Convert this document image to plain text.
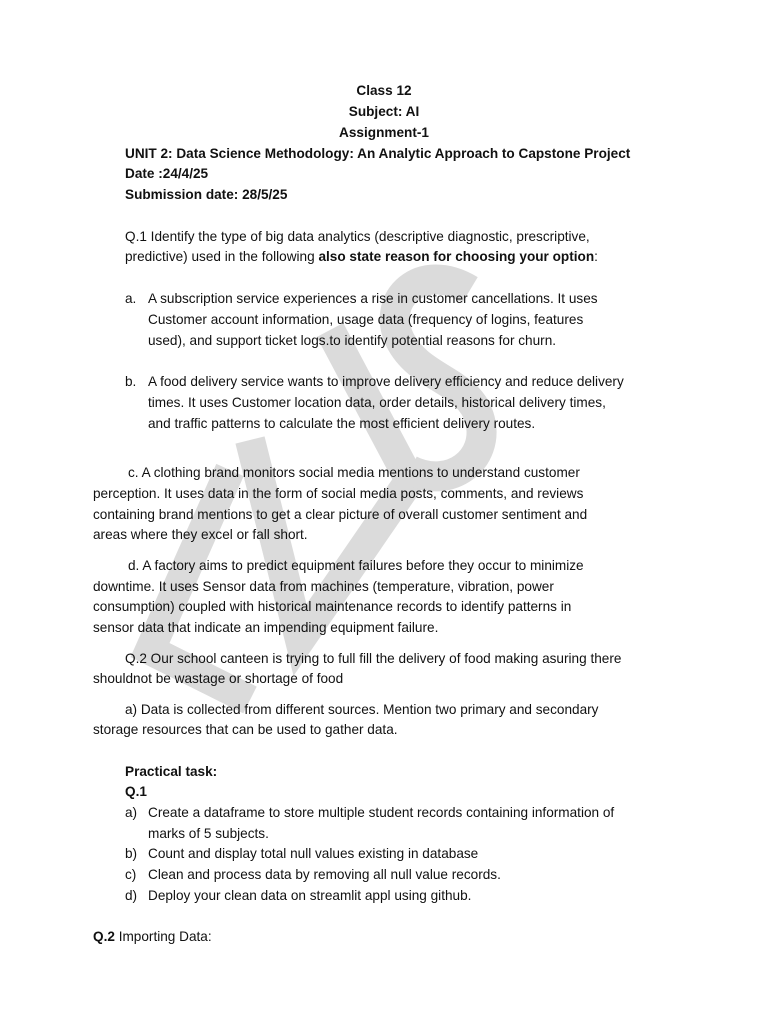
Class 12
Subject: AI
Assignment-1
UNIT 2: Data Science Methodology: An Analytic Approach to Capstone Project
Date :24/4/25
Submission date: 28/5/25
Q.1 Identify the type of big data analytics (descriptive diagnostic, prescriptive,
predictive) used in the following also state reason for choosing your option:
a. A subscription service experiences a rise in customer cancellations. It uses
Customer account information, usage data (frequency of logins, features
used), and support ticket logs.to identify potential reasons for churn.
b. A food delivery service wants to improve delivery efficiency and reduce delivery
times. It uses Customer location data, order details, historical delivery times,
and traffic patterns to calculate the most efficient delivery routes.
c. A clothing brand monitors social media mentions to understand customer
perception. It uses data in the form of social media posts, comments, and reviews
containing brand mentions to get a clear picture of overall customer sentiment and
areas where they excel or fall short.
d. A factory aims to predict equipment failures before they occur to minimize
downtime. It uses Sensor data from machines (temperature, vibration, power
consumption) coupled with historical maintenance records to identify patterns in
sensor data that indicate an impending equipment failure.
Q.2 Our school canteen is trying to full fill the delivery of food making asuring there
shouldnot be wastage or shortage of food
a) Data is collected from different sources. Mention two primary and secondary
storage resources that can be used to gather data.
Practical task:
Q.1
a) Create a dataframe to store multiple student records containing information of
marks of 5 subjects.
b) Count and display total null values existing in database
c) Clean and process data by removing all null value records.
d) Deploy your clean data on streamlit appl using github.
Q.2 Importing Data:
